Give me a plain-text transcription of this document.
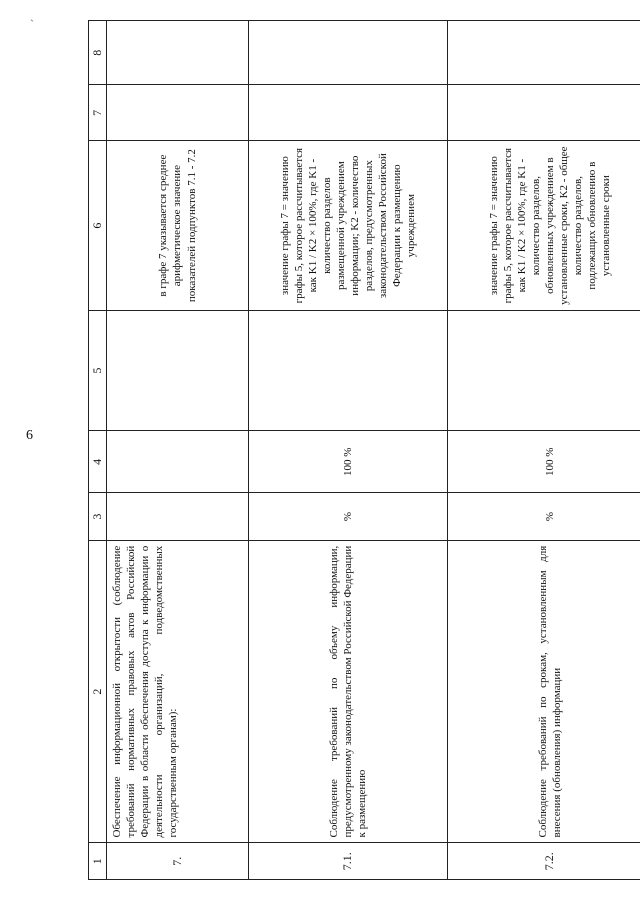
ˏ
6
1	2	3	4	5	6	7	8
7.	Обеспечение информационной открытости (соблюдение требований нормативных правовых актов Российской Федерации в области обеспечения доступа к информации о деятельности организаций, подведомственных государственным органам):				в графе 7 указывается среднее арифметическое значение показателей подпунктов 7.1 - 7.2		
7.1.	Соблюдение требований по объему информации, предусмотренному законодательством Российской Федерации к размещению	%	100 %		значение графы 7 = значению графы 5, которое рассчитывается как K1 / K2 × 100%, где K1 - количество разделов размещенной учреждением информации; K2 - количество разделов, предусмотренных законодательством Российской Федерации к размещению учреждением		
7.2.	Соблюдение требований по срокам, установленным для внесения (обновления) информации	%	100 %		значение графы 7 = значению графы 5, которое рассчитывается как K1 / K2 × 100%, где K1 - количество разделов, обновленных учреждением в установленные сроки, K2 - общее количество разделов, подлежащих обновлению в установленные сроки		
